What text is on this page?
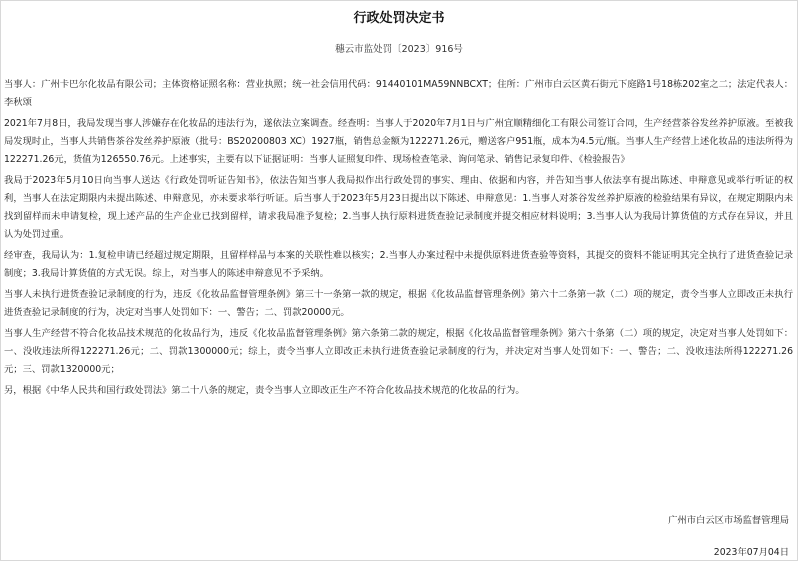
行政处罚决定书
穗云市监处罚〔2023〕916号

当事人：广州卡巴尔化妆品有限公司；主体资格证照名称：营业执照；统一社会信用代码：91440101MA59NNBCXT；住所：广州市白云区黄石街元下庭路1号18栋202室之二；法定代表人：李秋颂

2021年7月8日，我局发现当事人涉嫌存在化妆品的违法行为，遂依法立案调查。经查明：当事人于2020年7月1日与广州宜顺精细化工有限公司签订合同，生产经营茶谷发丝养护原液。至被我局发现时止，当事人共销售茶谷发丝养护原液（批号：BS20200803 XC）1927瓶，销售总金额为122271.26元，赠送客户951瓶，成本为4.5元/瓶。当事人生产经营上述化妆品的违法所得为122271.26元，货值为126550.76元。上述事实，主要有以下证据证明：当事人证照复印件、现场检查笔录、询问笔录、销售记录复印件、《检验报告》

我局于2023年5月10日向当事人送达《行政处罚听证告知书》，依法告知当事人我局拟作出行政处罚的事实、理由、依据和内容，并告知当事人依法享有提出陈述、申辩意见或举行听证的权利，当事人在法定期限内未提出陈述、申辩意见，亦未要求举行听证。后当事人于2023年5月23日提出以下陈述、申辩意见：1.当事人对茶谷发丝养护原液的检验结果有异议，在规定期限内未找到留样而未申请复检，现上述产品的生产企业已找到留样，请求我局准予复检；2.当事人执行原料进货查验记录制度并提交相应材料说明；3.当事人认为我局计算货值的方式存在异议，并且认为处罚过重。

经审查，我局认为：1.复检申请已经超过规定期限，且留样样品与本案的关联性难以核实；2.当事人办案过程中未提供原料进货查验等资料，其提交的资料不能证明其完全执行了进货查验记录制度；3.我局计算货值的方式无误。综上，对当事人的陈述申辩意见不予采纳。

当事人未执行进货查验记录制度的行为，违反《化妆品监督管理条例》第三十一条第一款的规定，根据《化妆品监督管理条例》第六十二条第一款（二）项的规定，责令当事人立即改正未执行进货查验记录制度的行为，决定对当事人处罚如下：一、警告；二、罚款20000元。

当事人生产经营不符合化妆品技术规范的化妆品行为，违反《化妆品监督管理条例》第六条第二款的规定，根据《化妆品监督管理条例》第六十条第（二）项的规定，决定对当事人处罚如下：一、没收违法所得122271.26元；二、罚款1300000元；综上，责令当事人立即改正未执行进货查验记录制度的行为，并决定对当事人处罚如下：一、警告；二、没收违法所得122271.26元；三、罚款1320000元；

另，根据《中华人民共和国行政处罚法》第二十八条的规定，责令当事人立即改正生产不符合化妆品技术规范的化妆品的行为。

广州市白云区市场监督管理局
2023年07月04日
